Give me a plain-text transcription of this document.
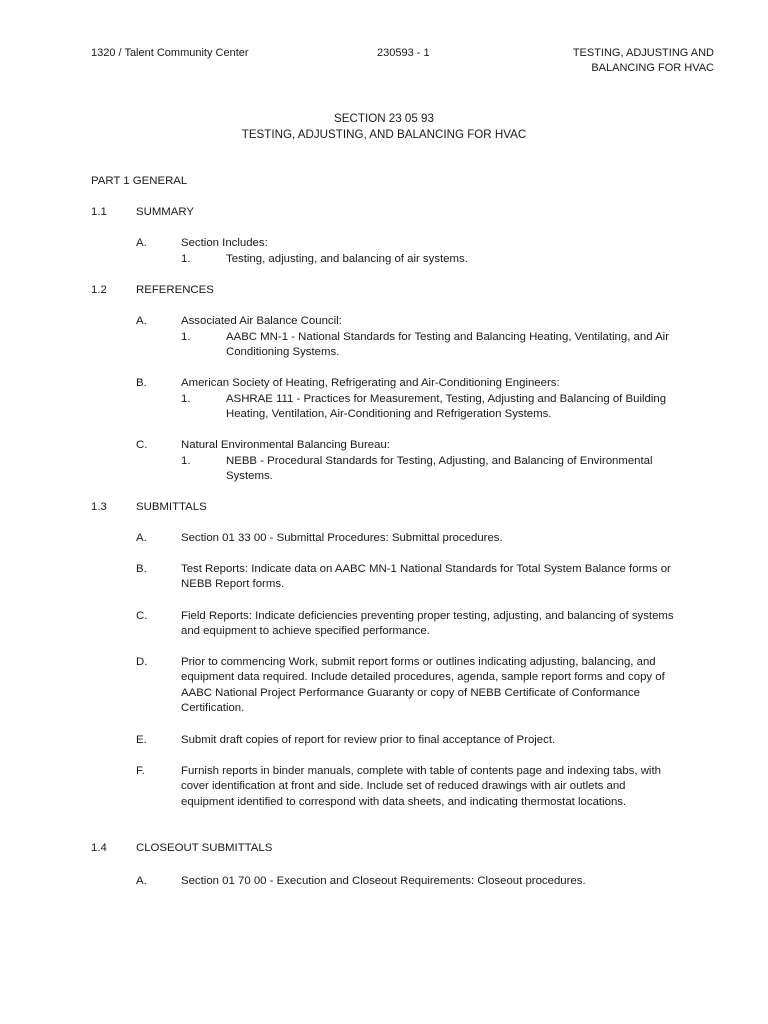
1320 / Talent Community Center	230593 - 1	TESTING, ADJUSTING AND
BALANCING FOR HVAC
SECTION 23 05 93
TESTING, ADJUSTING, AND BALANCING FOR HVAC
PART 1 GENERAL
1.1	SUMMARY
A.	Section Includes:
1.	Testing, adjusting, and balancing of air systems.
1.2	REFERENCES
A.	Associated Air Balance Council:
1.	AABC MN-1 - National Standards for Testing and Balancing Heating, Ventilating, and Air Conditioning Systems.
B.	American Society of Heating, Refrigerating and Air-Conditioning Engineers:
1.	ASHRAE 111 - Practices for Measurement, Testing, Adjusting and Balancing of Building Heating, Ventilation, Air-Conditioning and Refrigeration Systems.
C.	Natural Environmental Balancing Bureau:
1.	NEBB - Procedural Standards for Testing, Adjusting, and Balancing of Environmental Systems.
1.3	SUBMITTALS
A.	Section 01 33 00 - Submittal Procedures: Submittal procedures.
B.	Test Reports: Indicate data on AABC MN-1 National Standards for Total System Balance forms or NEBB Report forms.
C.	Field Reports: Indicate deficiencies preventing proper testing, adjusting, and balancing of systems and equipment to achieve specified performance.
D.	Prior to commencing Work, submit report forms or outlines indicating adjusting, balancing, and equipment data required. Include detailed procedures, agenda, sample report forms and copy of AABC National Project Performance Guaranty or copy of NEBB Certificate of Conformance Certification.
E.	Submit draft copies of report for review prior to final acceptance of Project.
F.	Furnish reports in binder manuals, complete with table of contents page and indexing tabs, with cover identification at front and side. Include set of reduced drawings with air outlets and equipment identified to correspond with data sheets, and indicating thermostat locations.
1.4	CLOSEOUT SUBMITTALS
A.	Section 01 70 00 - Execution and Closeout Requirements: Closeout procedures.
